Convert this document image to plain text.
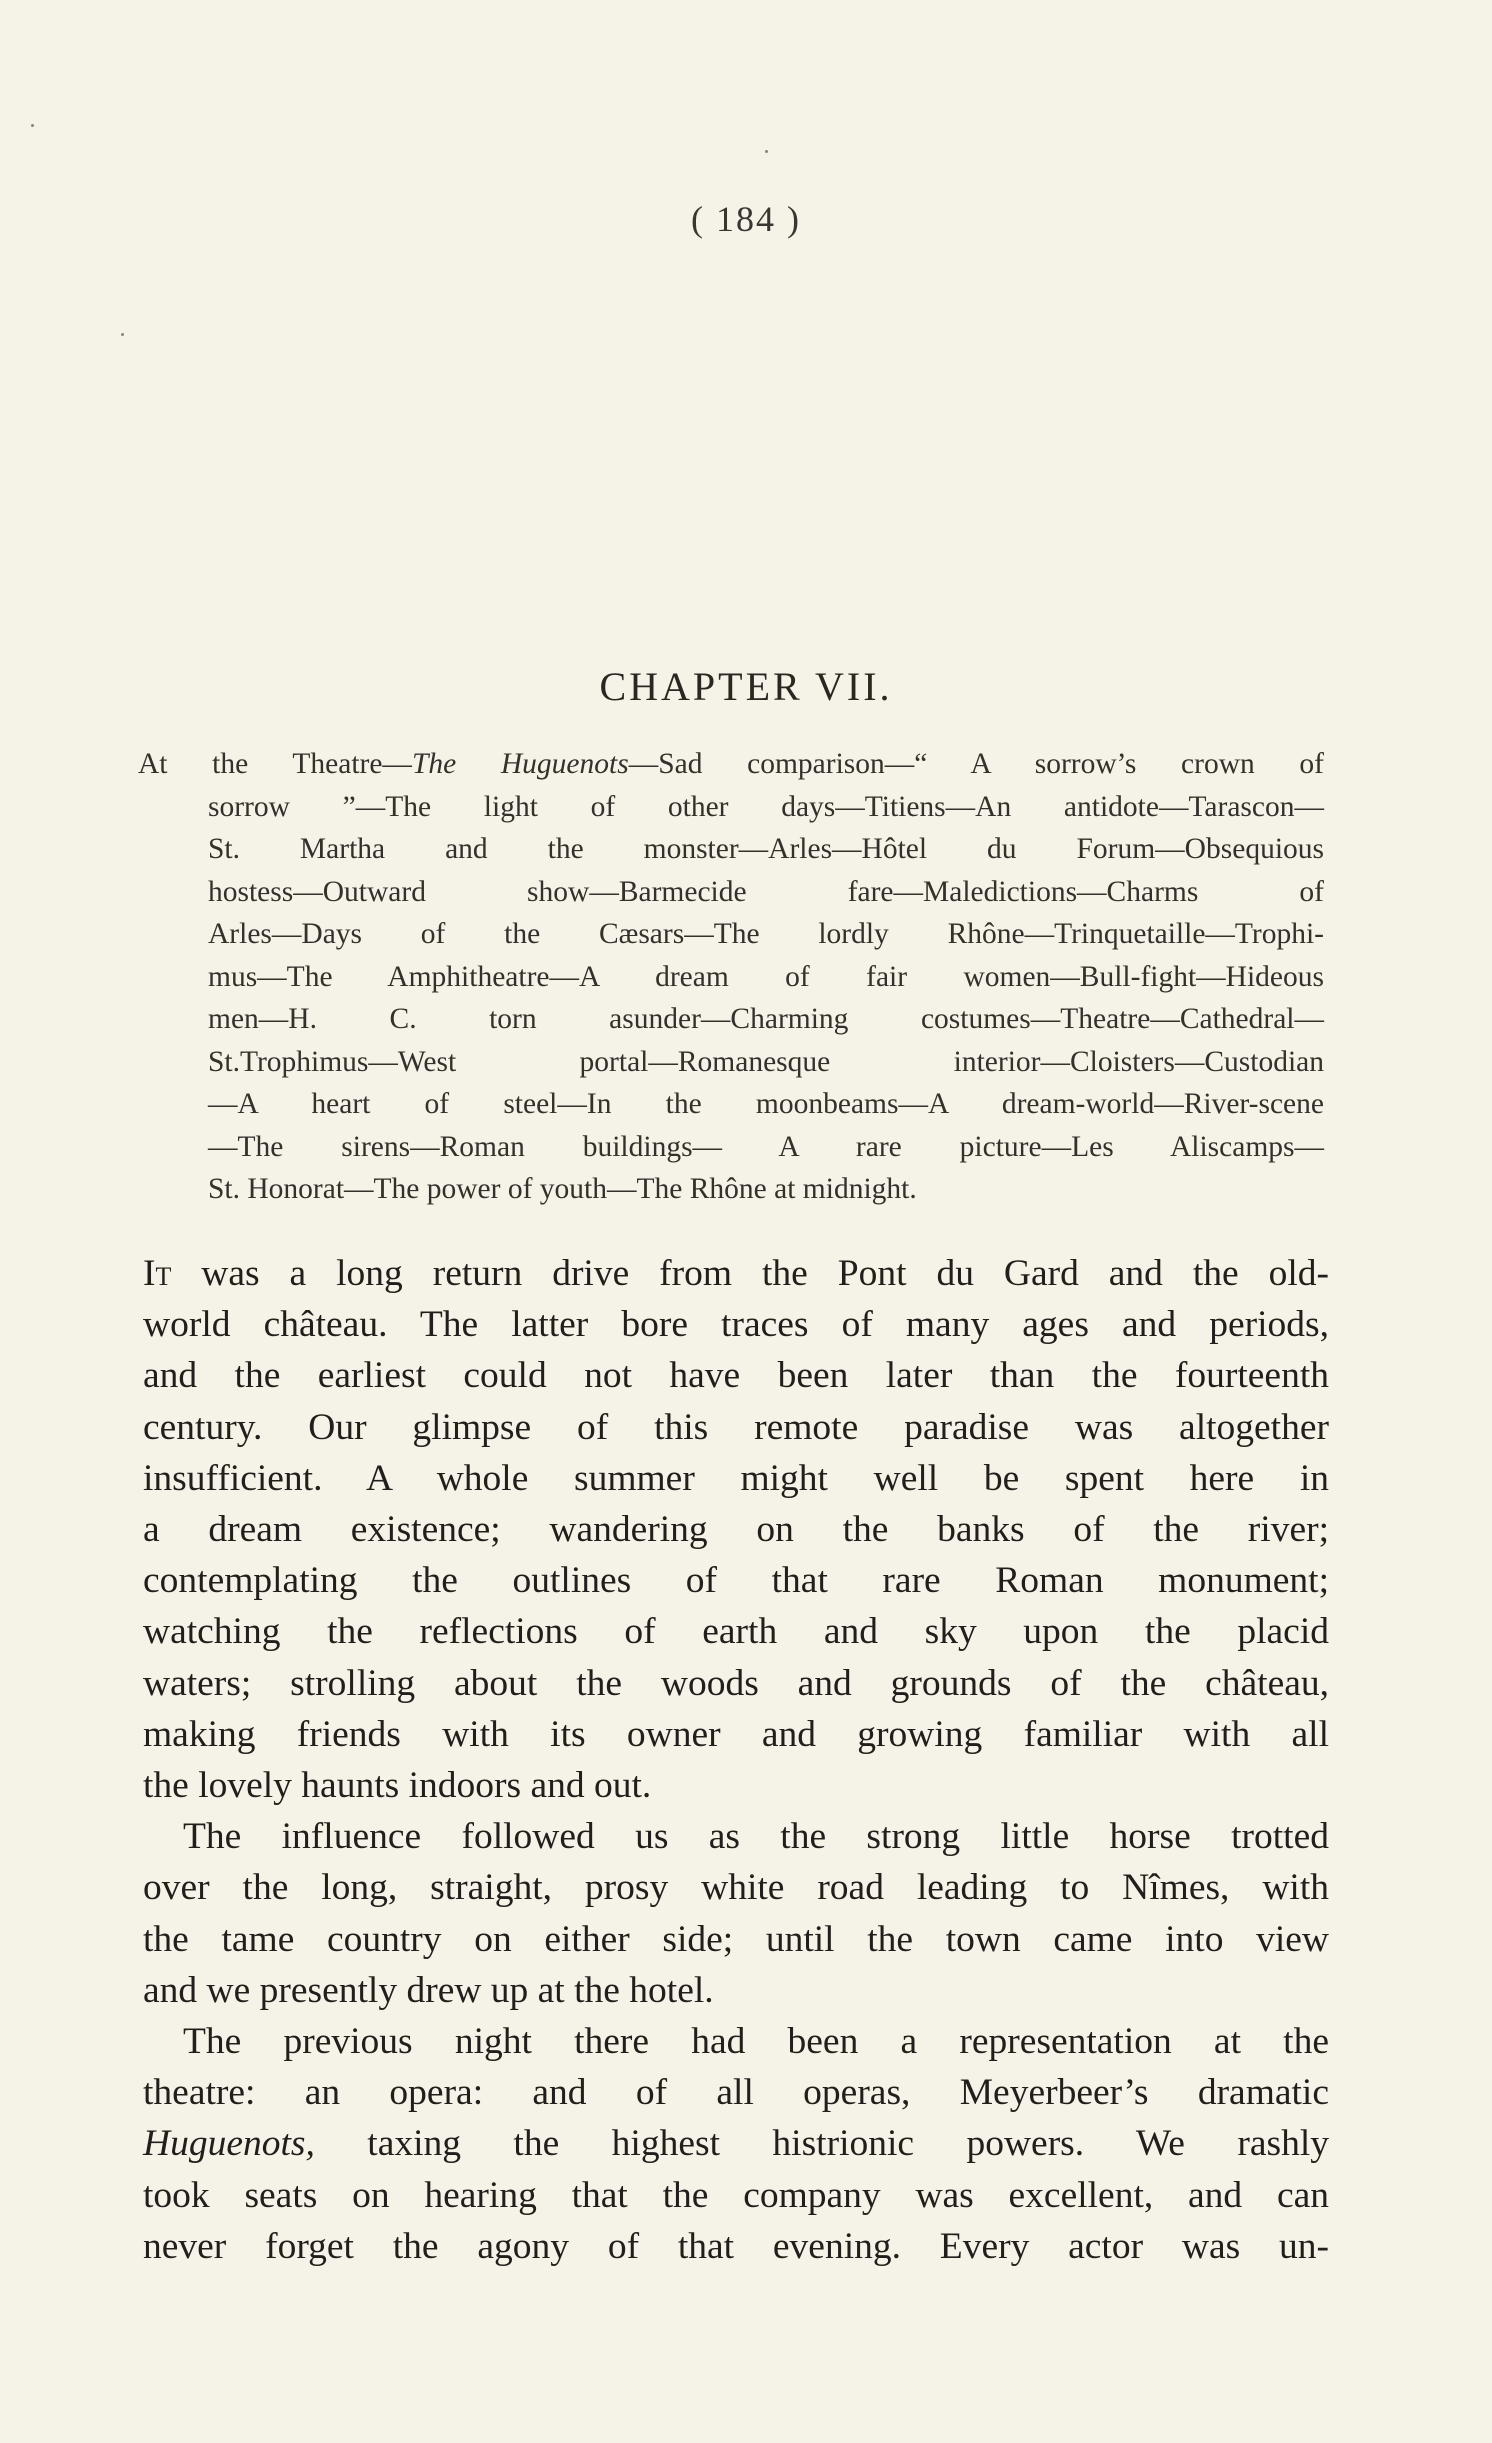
( 184 )
CHAPTER VII.
At the Theatre—The Huguenots—Sad comparison—“ A sorrow’s crown of
sorrow ”—The light of other days—Titiens—An antidote—Tarascon—
St. Martha and the monster—Arles—Hôtel du Forum—Obsequious
hostess—Outward show—Barmecide fare—Maledictions—Charms of
Arles—Days of the Cæsars—The lordly Rhône—Trinquetaille—Trophi-
mus—The Amphitheatre—A dream of fair women—Bull-fight—Hideous
men—H. C. torn asunder—Charming costumes—Theatre—Cathedral—
St.Trophimus—West portal—Romanesque interior—Cloisters—Custodian
—A heart of steel—In the moonbeams—A dream-world—River-scene
—The sirens—Roman buildings— A rare picture—Les Aliscamps—
St. Honorat—The power of youth—The Rhône at midnight.
It was a long return drive from the Pont du Gard and the old-
world château. The latter bore traces of many ages and periods,
and the earliest could not have been later than the fourteenth
century. Our glimpse of this remote paradise was altogether
insufficient. A whole summer might well be spent here in
a dream existence; wandering on the banks of the river;
contemplating the outlines of that rare Roman monument;
watching the reflections of earth and sky upon the placid
waters; strolling about the woods and grounds of the château,
making friends with its owner and growing familiar with all
the lovely haunts indoors and out.
The influence followed us as the strong little horse trotted
over the long, straight, prosy white road leading to Nîmes, with
the tame country on either side; until the town came into view
and we presently drew up at the hotel.
The previous night there had been a representation at the
theatre: an opera: and of all operas, Meyerbeer’s dramatic
Huguenots, taxing the highest histrionic powers. We rashly
took seats on hearing that the company was excellent, and can
never forget the agony of that evening. Every actor was un-
